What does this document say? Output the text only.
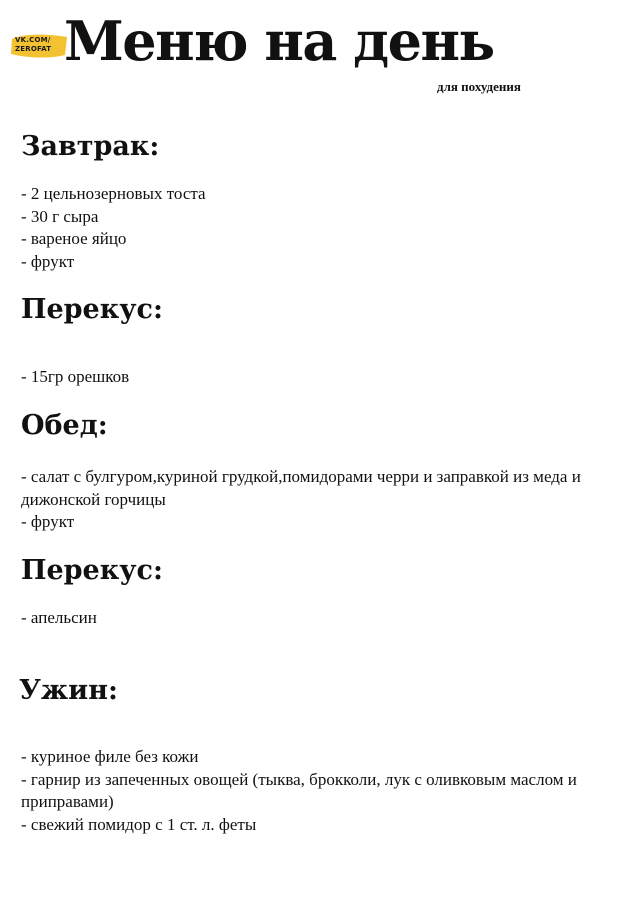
VK.COM/
ZEROFAT Меню на день
для похудения
Завтрак:
- 2 цельнозерновых тоста
- 30 г сыра
- вареное яйцо
- фрукт
Перекус:
- 15гр орешков
Обед:
- салат с булгуром,куриной грудкой,помидорами черри и заправкой из меда и дижонской горчицы
- фрукт
Перекус:
- апельсин
Ужин:
- куриное филе без кожи
- гарнир из запеченных овощей (тыква, брокколи, лук с оливковым маслом и приправами)
- свежий помидор с 1 ст. л. феты
